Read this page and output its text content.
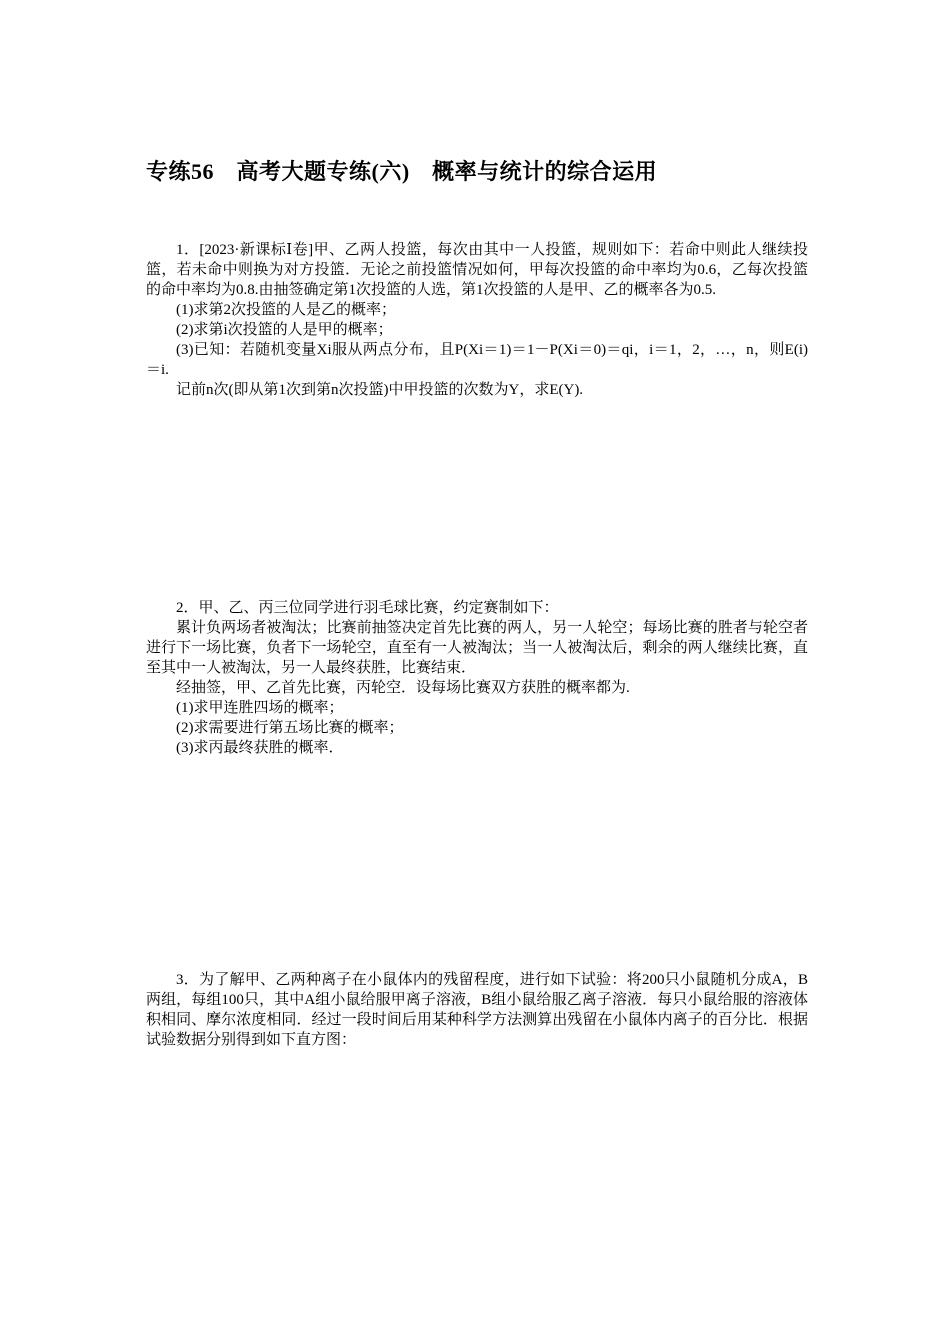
专练56　高考大题专练(六)　概率与统计的综合运用

1．[2023·新课标Ⅰ卷]甲、乙两人投篮，每次由其中一人投篮，规则如下：若命中则此人继续投篮，若未命中则换为对方投篮．无论之前投篮情况如何，甲每次投篮的命中率均为0.6，乙每次投篮的命中率均为0.8.由抽签确定第1次投篮的人选，第1次投篮的人是甲、乙的概率各为0.5.

(1)求第2次投篮的人是乙的概率；

(2)求第i次投篮的人是甲的概率；

(3)已知：若随机变量Xi服从两点分布，且P(Xi＝1)＝1－P(Xi＝0)＝qi，i＝1，2，…，n，则E(i)＝i.

记前n次(即从第1次到第n次投篮)中甲投篮的次数为Y，求E(Y).

2．甲、乙、丙三位同学进行羽毛球比赛，约定赛制如下：

累计负两场者被淘汰；比赛前抽签决定首先比赛的两人，另一人轮空；每场比赛的胜者与轮空者进行下一场比赛，负者下一场轮空，直至有一人被淘汰；当一人被淘汰后，剩余的两人继续比赛，直至其中一人被淘汰，另一人最终获胜，比赛结束．

经抽签，甲、乙首先比赛，丙轮空．设每场比赛双方获胜的概率都为.

(1)求甲连胜四场的概率；

(2)求需要进行第五场比赛的概率；

(3)求丙最终获胜的概率．

3．为了解甲、乙两种离子在小鼠体内的残留程度，进行如下试验：将200只小鼠随机分成A，B两组，每组100只，其中A组小鼠给服甲离子溶液，B组小鼠给服乙离子溶液．每只小鼠给服的溶液体积相同、摩尔浓度相同．经过一段时间后用某种科学方法测算出残留在小鼠体内离子的百分比．根据试验数据分别得到如下直方图：
